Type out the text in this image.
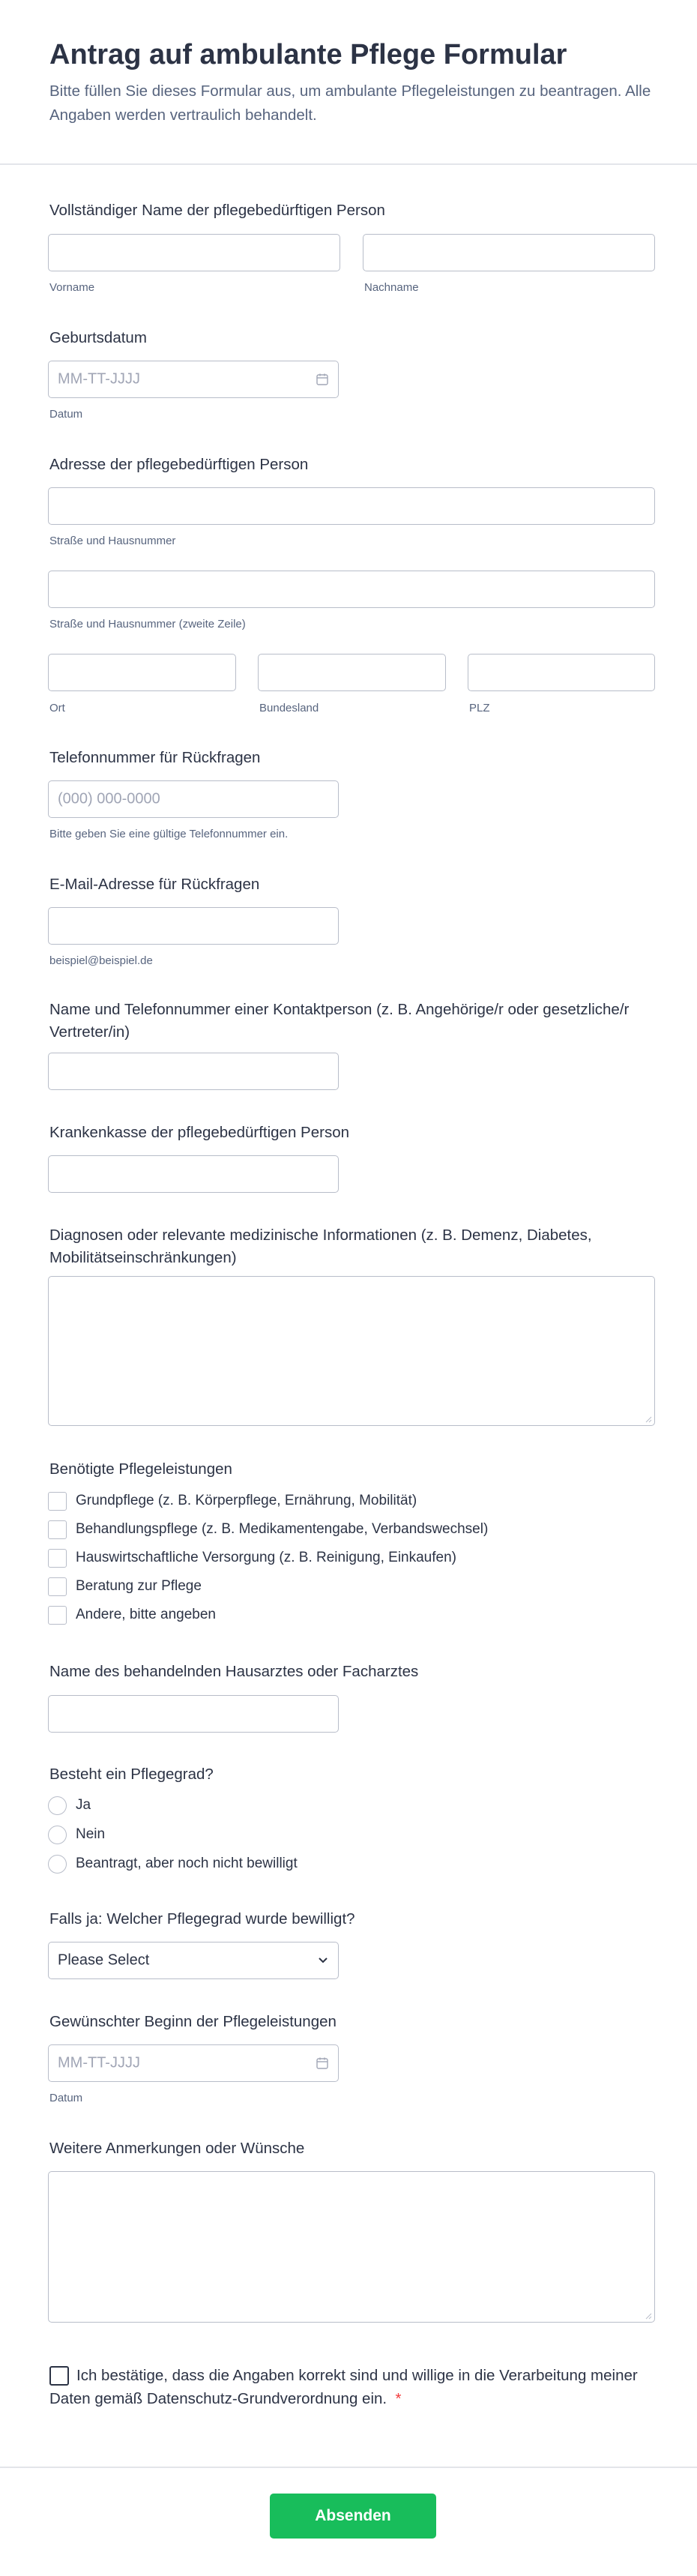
Antrag auf ambulante Pflege Formular
Bitte füllen Sie dieses Formular aus, um ambulante Pflegeleistungen zu beantragen. Alle Angaben werden vertraulich behandelt.
Vollständiger Name der pflegebedürftigen Person
Vorname	Nachname
Geburtsdatum
MM-TT-JJJJ
Datum
Adresse der pflegebedürftigen Person
Straße und Hausnummer
Straße und Hausnummer (zweite Zeile)
Ort	Bundesland	PLZ
Telefonnummer für Rückfragen
(000) 000-0000
Bitte geben Sie eine gültige Telefonnummer ein.
E-Mail-Adresse für Rückfragen
beispiel@beispiel.de
Name und Telefonnummer einer Kontaktperson (z. B. Angehörige/r oder gesetzliche/r Vertreter/in)
Krankenkasse der pflegebedürftigen Person
Diagnosen oder relevante medizinische Informationen (z. B. Demenz, Diabetes, Mobilitätseinschränkungen)
Benötigte Pflegeleistungen
Grundpflege (z. B. Körperpflege, Ernährung, Mobilität)
Behandlungspflege (z. B. Medikamentengabe, Verbandswechsel)
Hauswirtschaftliche Versorgung (z. B. Reinigung, Einkaufen)
Beratung zur Pflege
Andere, bitte angeben
Name des behandelnden Hausarztes oder Facharztes
Besteht ein Pflegegrad?
Ja
Nein
Beantragt, aber noch nicht bewilligt
Falls ja: Welcher Pflegegrad wurde bewilligt?
Please Select
Gewünschter Beginn der Pflegeleistungen
MM-TT-JJJJ
Datum
Weitere Anmerkungen oder Wünsche
Ich bestätige, dass die Angaben korrekt sind und willige in die Verarbeitung meiner Daten gemäß Datenschutz-Grundverordnung ein. *
Absenden
